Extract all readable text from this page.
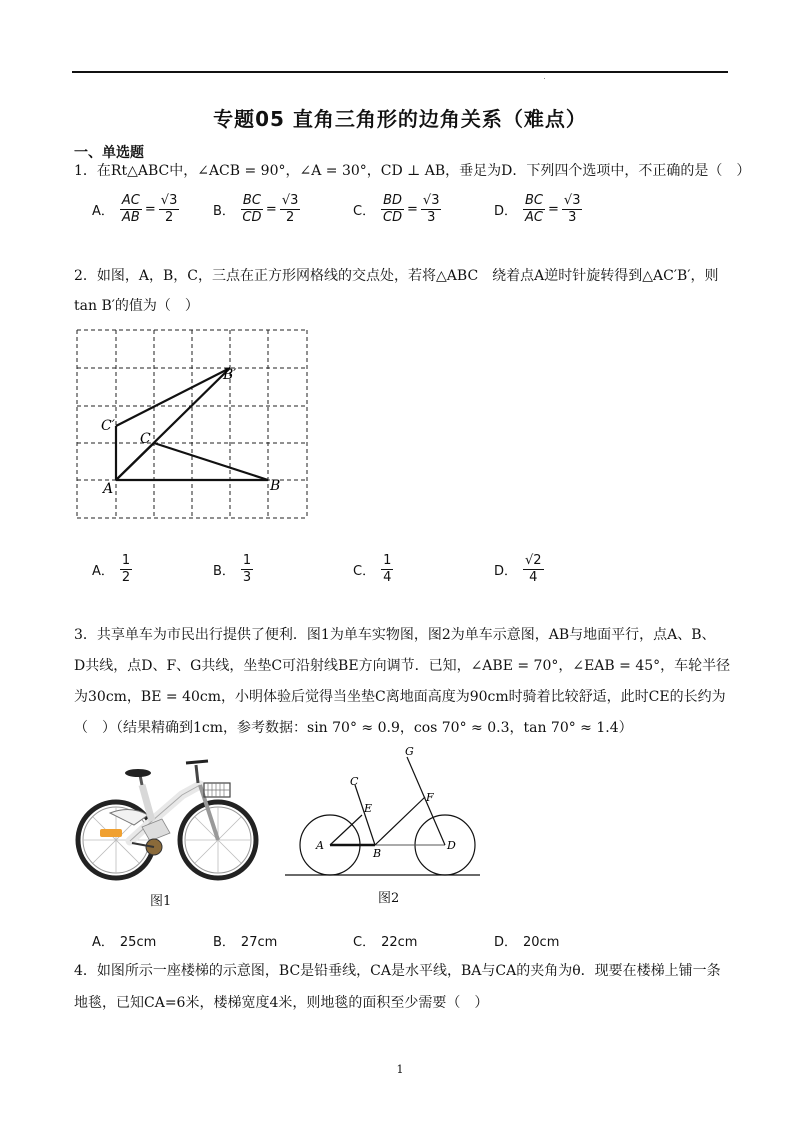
专题05 直角三角形的边角关系（难点）
一、单选题
1．在Rt△ABC中，∠ACB = 90°，∠A = 30°，CD ⊥ AB，垂足为D．下列四个选项中，不正确的是（　）
A． $\frac{AC}{AB} = \frac{√3}{2}$	B． $\frac{BC}{CD} = \frac{√3}{2}$	C． $\frac{BD}{CD} = \frac{√3}{3}$	D． $\frac{BC}{AC} = \frac{√3}{3}$
2．如图，A，B，C，三点在正方形网格线的交点处，若将△ABC　绕着点A逆时针旋转得到△AC′B′，则
tan B′的值为（　）
A	B
C
C′
B′
A． $\frac{1}{2}$	B． $\frac{1}{3}$	C． $\frac{1}{4}$	D． $\frac{√2}{4}$
3．共享单车为市民出行提供了便利．图1为单车实物图，图2为单车示意图，AB与地面平行，点A、B、
D共线，点D、F、G共线，坐垫C可沿射线BE方向调节．已知，∠ABE = 70°，∠EAB = 45°，车轮半径
为30cm，BE = 40cm，小明体验后觉得当坐垫C离地面高度为90cm时骑着比较舒适，此时CE的长约为
（　）（结果精确到1cm，参考数据：sin 70° ≈ 0.9，cos 70° ≈ 0.3，tan 70° ≈ 1.4）
图1
A
B
C
D
E
F
G
图2
A． 25cm	B． 27cm	C． 22cm	D． 20cm
4．如图所示一座楼梯的示意图，BC是铅垂线，CA是水平线，BA与CA的夹角为θ．现要在楼梯上铺一条
地毯，已知CA=6米，楼梯宽度4米，则地毯的面积至少需要（　）
1
